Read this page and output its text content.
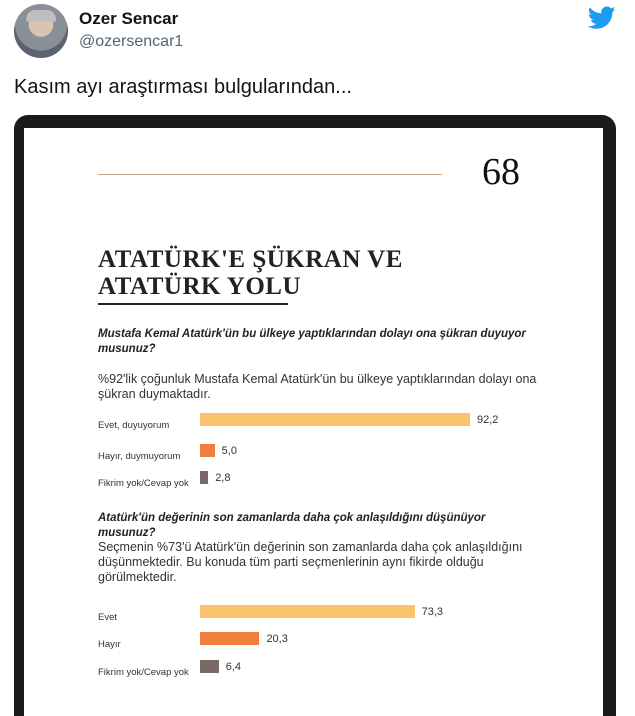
Ozer Sencar
@ozersencar1
Kasım ayı araştırması bulgularından...
68
ATATÜRK'E ŞÜKRAN VE
ATATÜRK YOLU
Mustafa Kemal Atatürk'ün bu ülkeye yaptıklarından dolayı ona şükran duyuyor musunuz?
%92'lik çoğunluk Mustafa Kemal Atatürk'ün bu ülkeye yaptıklarından dolayı ona şükran duymaktadır.
Evet, duyuyorum	92,2
Hayır, duymuyorum	5,0
Fikrim yok/Cevap yok 2,8
Atatürk'ün değerinin son zamanlarda daha çok anlaşıldığını düşünüyor musunuz?
Seçmenin %73'ü Atatürk'ün değerinin son zamanlarda daha çok anlaşıldığını düşünmektedir. Bu konuda tüm parti seçmenlerinin aynı fikirde olduğu görülmektedir.
Evet	73,3
Hayır	20,3
Fikrim yok/Cevap yok	6,4
